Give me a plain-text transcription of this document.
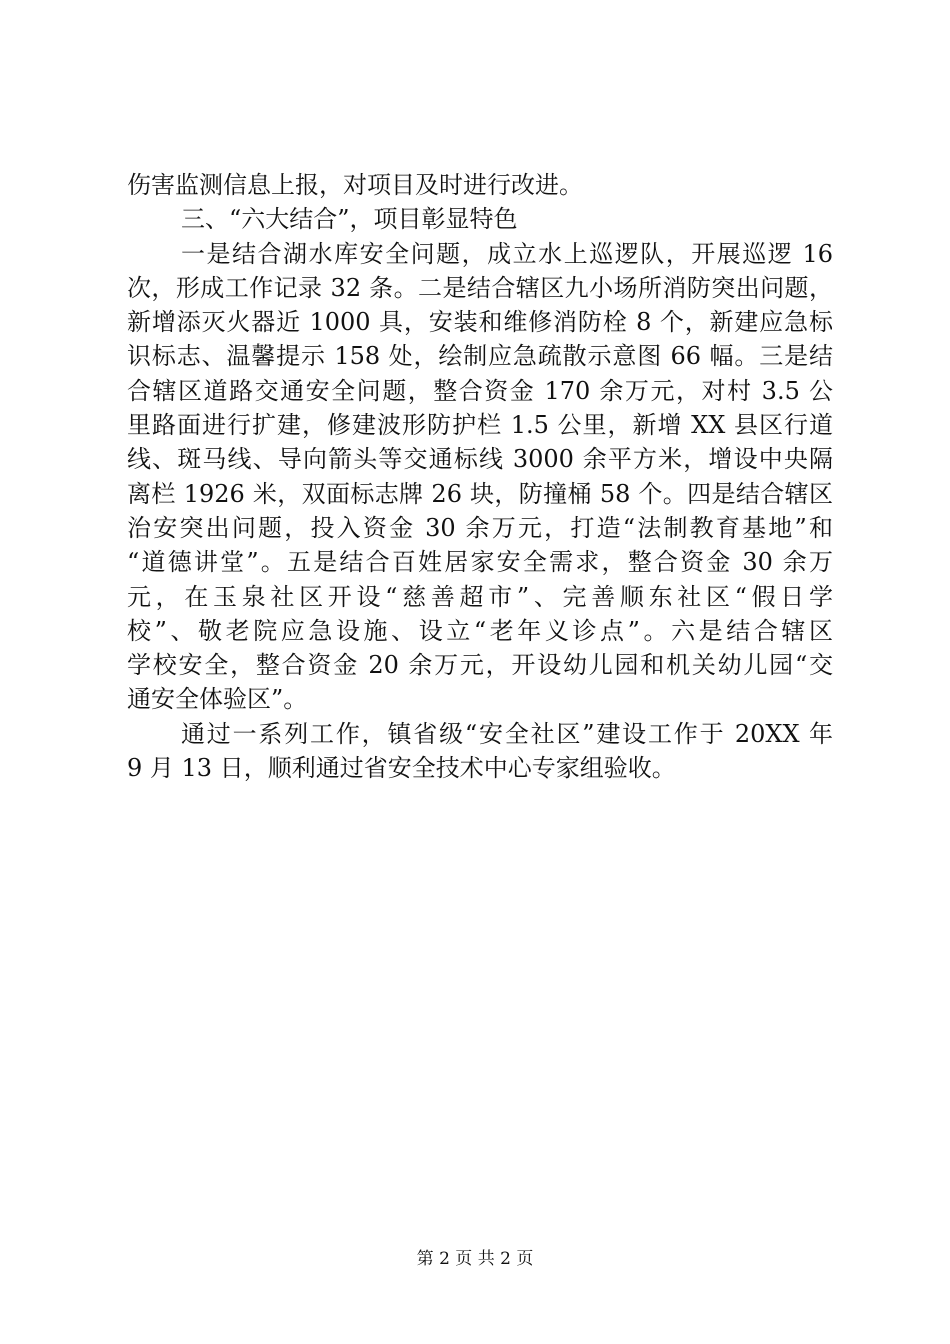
伤害监测信息上报，对项目及时进行改进。
三、“六大结合”，项目彰显特色
一是结合湖水库安全问题，成立水上巡逻队，开展巡逻 16
次，形成工作记录 32 条。二是结合辖区九小场所消防突出问题，
新增添灭火器近 1000 具，安装和维修消防栓 8 个，新建应急标
识标志、温馨提示 158 处，绘制应急疏散示意图 66 幅。三是结
合辖区道路交通安全问题，整合资金 170 余万元，对村 3.5 公
里路面进行扩建，修建波形防护栏 1.5 公里，新增 XX 县区行道
线、斑马线、导向箭头等交通标线 3000 余平方米，增设中央隔
离栏 1926 米，双面标志牌 26 块，防撞桶 58 个。四是结合辖区
治安突出问题，投入资金 30 余万元，打造“法制教育基地”和
“道德讲堂”。五是结合百姓居家安全需求，整合资金 30 余万
元，在玉泉社区开设“慈善超市”、完善顺东社区“假日学
校”、敬老院应急设施、设立“老年义诊点”。六是结合辖区
学校安全，整合资金 20 余万元，开设幼儿园和机关幼儿园“交
通安全体验区”。
通过一系列工作，镇省级“安全社区”建设工作于 20XX 年
9 月 13 日，顺利通过省安全技术中心专家组验收。
第 2 页 共 2 页
